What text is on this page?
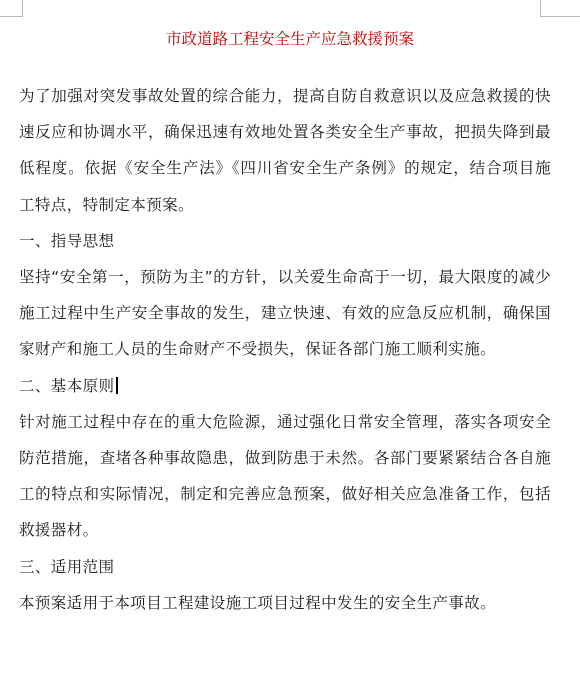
市政道路工程安全生产应急救援预案

为了加强对突发事故处置的综合能力，提高自防自救意识以及应急救援的快速反应和协调水平，确保迅速有效地处置各类安全生产事故，把损失降到最低程度。依据《安全生产法》《四川省安全生产条例》的规定，结合项目施工特点，特制定本预案。

一、指导思想

坚持“安全第一，预防为主”的方针，以关爱生命高于一切，最大限度的减少施工过程中生产安全事故的发生，建立快速、有效的应急反应机制，确保国家财产和施工人员的生命财产不受损失，保证各部门施工顺利实施。

二、基本原则

针对施工过程中存在的重大危险源，通过强化日常安全管理，落实各项安全防范措施，查堵各种事故隐患，做到防患于未然。各部门要紧紧结合各自施工的特点和实际情况，制定和完善应急预案，做好相关应急准备工作，包括救援器材。

三、适用范围

本预案适用于本项目工程建设施工项目过程中发生的安全生产事故。
